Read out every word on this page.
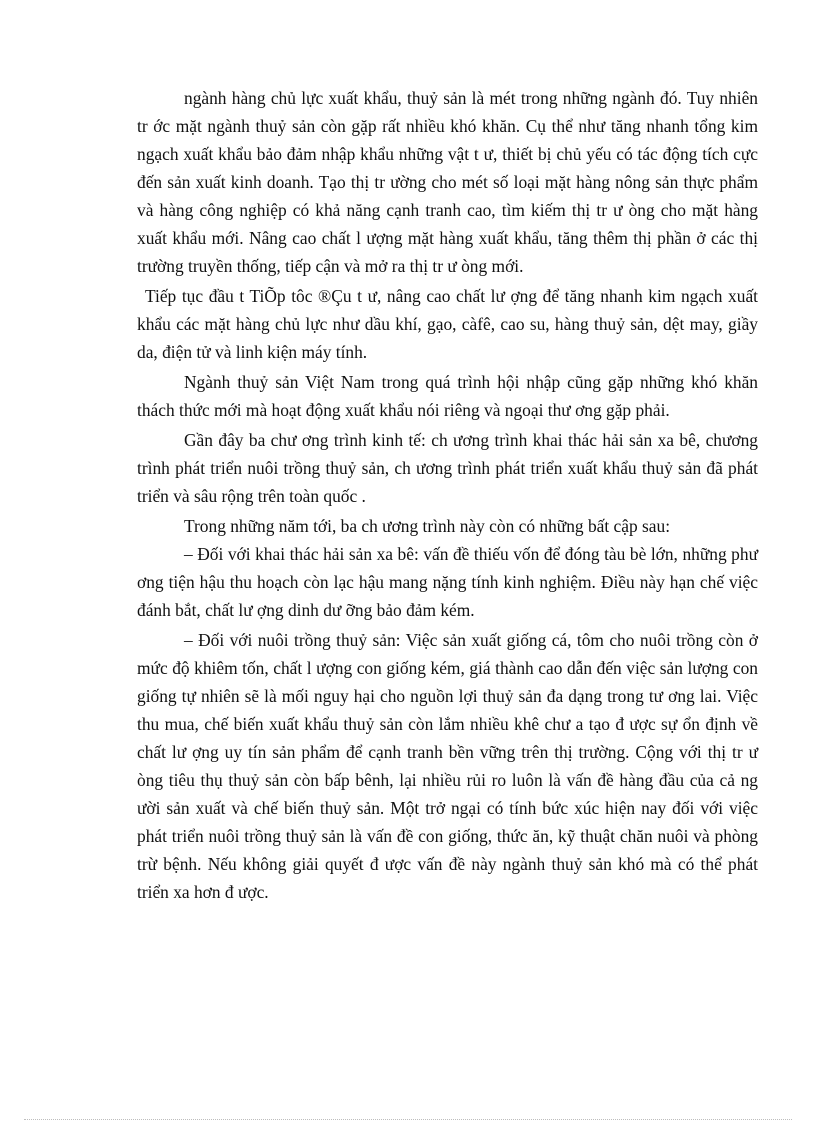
ngành hàng chủ lực xuất khẩu, thuỷ sản là mét trong những ngành đó. Tuy nhiên tr ớc mặt ngành thuỷ sản còn gặp rất nhiều khó khăn. Cụ thể như tăng nhanh tổng kim ngạch xuất khẩu bảo đảm nhập khẩu những vật t ư, thiết bị chủ yếu có tác động tích cực đến sản xuất kinh doanh. Tạo thị tr ường cho mét số loại mặt hàng nông sản thực phẩm và hàng công nghiệp có khả năng cạnh tranh cao, tìm kiếm thị tr ư òng cho mặt hàng xuất khẩu mới. Nâng cao chất l ượng mặt hàng xuất khẩu, tăng thêm thị phần ở các thị trường truyền thống, tiếp cận và mở ra thị tr ư òng mới.

Tiếp tục đầu t TiÕp tôc ®Çu t ư, nâng cao chất lư ợng để tăng nhanh kim ngạch xuất khẩu các mặt hàng chủ lực như dầu khí, gạo, càfê, cao su, hàng thuỷ sản, dệt may, giầy da, điện tử và linh kiện máy tính.

Ngành thuỷ sản Việt Nam trong quá trình hội nhập cũng gặp những khó khăn thách thức mới mà hoạt động xuất khẩu nói riêng và ngoại thư ơng gặp phải.

Gần đây ba chư ơng trình kinh tế: ch ương trình khai thác hải sản xa bê, chương trình phát triển nuôi trồng thuỷ sản, ch ương trình phát triển xuất khẩu thuỷ sản đã phát triển và sâu rộng trên toàn quốc .

Trong những năm tới, ba ch ương trình này còn có những bất cập sau:

– Đối với khai thác hải sản xa bê: vấn đề thiếu vốn để đóng tàu bè lớn, những phư ơng tiện hậu thu hoạch còn lạc hậu mang nặng tính kinh nghiệm. Điều này hạn chế việc đánh bắt, chất lư ợng dinh dư ỡng bảo đảm kém.

– Đối với nuôi trồng thuỷ sản: Việc sản xuất giống cá, tôm cho nuôi trồng còn ở mức độ khiêm tốn, chất l ượng con giống kém, giá thành cao dẫn đến việc sản lượng con giống tự nhiên sẽ là mối nguy hại cho nguồn lợi thuỷ sản đa dạng trong tư ơng lai. Việc thu mua, chế biến xuất khẩu thuỷ sản còn lắm nhiều khê chư a tạo đ ược sự ổn định về chất lư ợng uy tín sản phẩm để cạnh tranh bền vững trên thị trường. Cộng với thị tr ư òng tiêu thụ thuỷ sản còn bấp bênh, lại nhiều rủi ro luôn là vấn đề hàng đầu của cả ng ười sản xuất và chế biến thuỷ sản. Một trở ngại có tính bức xúc hiện nay đối với việc phát triển nuôi trồng thuỷ sản là vấn đề con giống, thức ăn, kỹ thuật chăn nuôi và phòng trừ bệnh. Nếu không giải quyết đ ược vấn đề này ngành thuỷ sản khó mà có thể phát triển xa hơn đ ược.
